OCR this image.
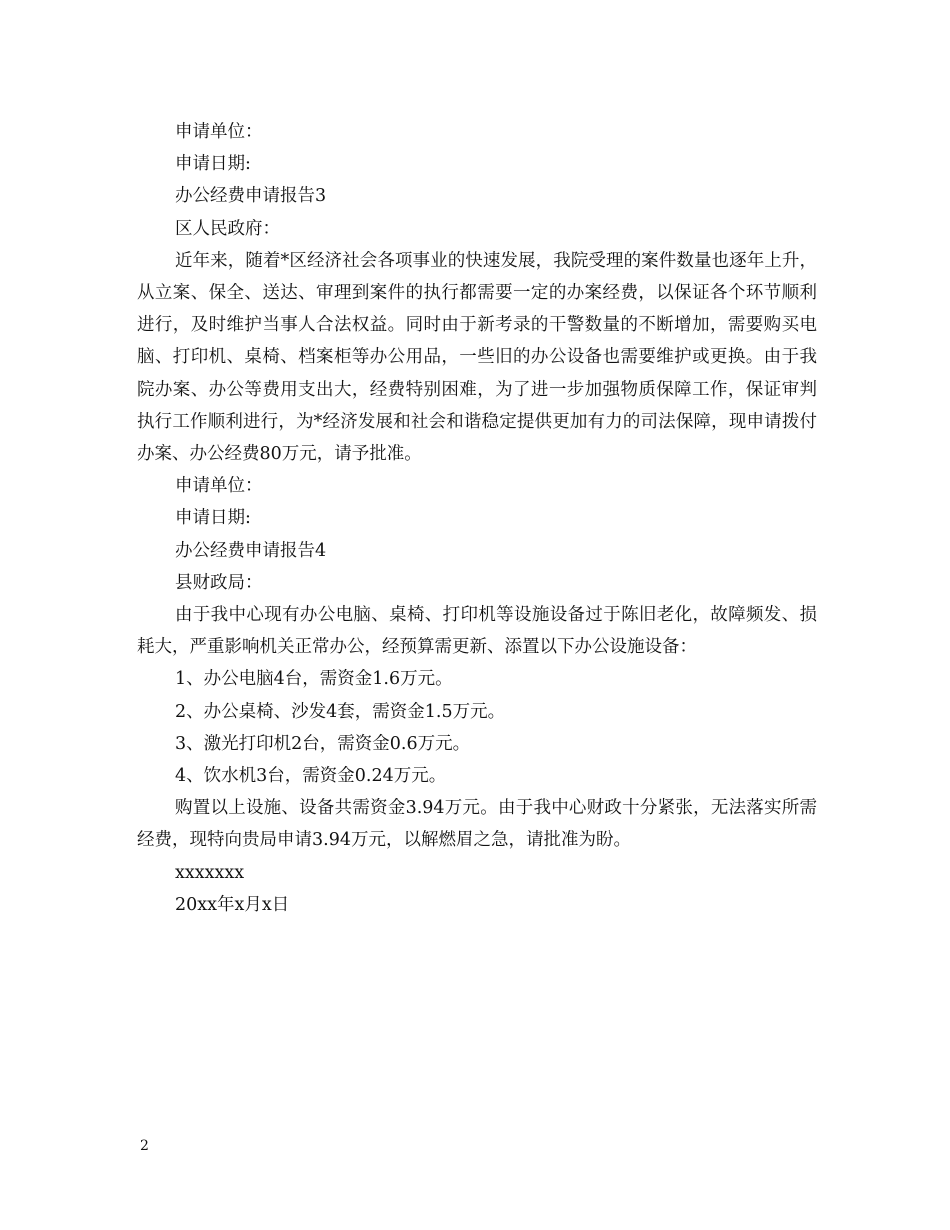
申请单位：
申请日期:
办公经费申请报告3
区人民政府：

近年来，随着*区经济社会各项事业的快速发展，我院受理的案件数量也逐年上升，从立案、保全、送达、审理到案件的执行都需要一定的办案经费，以保证各个环节顺利进行，及时维护当事人合法权益。同时由于新考录的干警数量的不断增加，需要购买电脑、打印机、桌椅、档案柜等办公用品，一些旧的办公设备也需要维护或更换。由于我院办案、办公等费用支出大，经费特别困难，为了进一步加强物质保障工作，保证审判执行工作顺利进行，为*经济发展和社会和谐稳定提供更加有力的司法保障，现申请拨付办案、办公经费80万元，请予批准。

申请单位：
申请日期:
办公经费申请报告4
县财政局：

由于我中心现有办公电脑、桌椅、打印机等设施设备过于陈旧老化，故障频发、损耗大，严重影响机关正常办公，经预算需更新、添置以下办公设施设备：

1、办公电脑4台，需资金1.6万元。
2、办公桌椅、沙发4套，需资金1.5万元。
3、激光打印机2台，需资金0.6万元。
4、饮水机3台，需资金0.24万元。

购置以上设施、设备共需资金3.94万元。由于我中心财政十分紧张，无法落实所需经费，现特向贵局申请3.94万元，以解燃眉之急，请批准为盼。

xxxxxxx
20xx年x月x日
2
